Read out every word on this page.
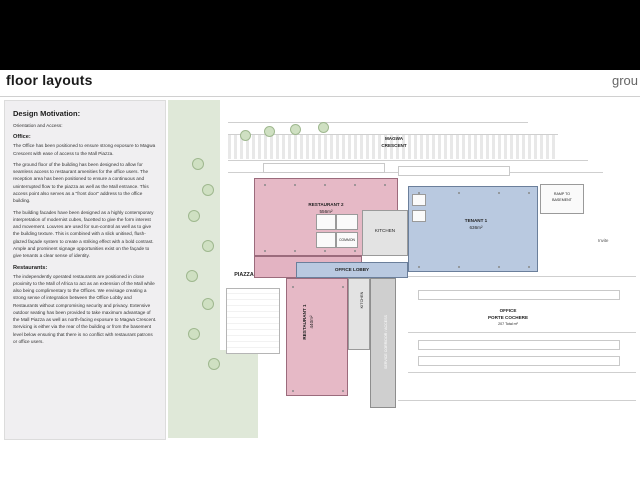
floor layouts	grou
Design Motivation:

Orientation and Access:

Office:

The Office has been positioned to ensure strong exposure to Magwa Crescent with ease of access to the Mall Piazza.

The ground floor of the building has been designed to allow for seamless access to restaurant amenities for the office users. The reception area has been positioned to ensure a continuous and uninterrupted flow to the piazza as well as the Mall entrance. This access point also serves as a "front door" address to the office building.

The building facades have been designed as a highly contemporary interpretation of modernist cubes, facetted to give the form interest and movement. Louvres are used for sun-control as well as to give the building texture. This is combined with a slick unitised, flush-glazed façade system to create a striking effect with a bold contrast. Ample and prominent signage opportunities exist on the façade to give tenants a clear sense of identity.

Restaurants:

The independently operated restaurants are positioned in close proximity to the Mall of Africa to act as an extension of the Mall while also being complimentary to the Offices. We envisage creating a strong sense of integration between the Office Lobby and Restaurants without compromising security and privacy. Extensive outdoor seating has been provided to take maximum advantage of the Mall Piazza as well as north-facing exposure to Magwa Crescent. Servicing is either via the rear of the building or from the basement level below ensuring that there is no conflict with restaurant patrons or office users.

MAGWA
CRESCENT
RESTAURANT 2
556m²
KITCHEN
COMMON
TENANT 1
636m²
RAMP TO
BASEMENT
OFFICE LOBBY
RESTAURANT 1 440m²
KITCHEN
SERVICE CORRIDOR / ACCESS
PIAZZA
OFFICE
PORTE COCHERE
207 Total m²
Invite
